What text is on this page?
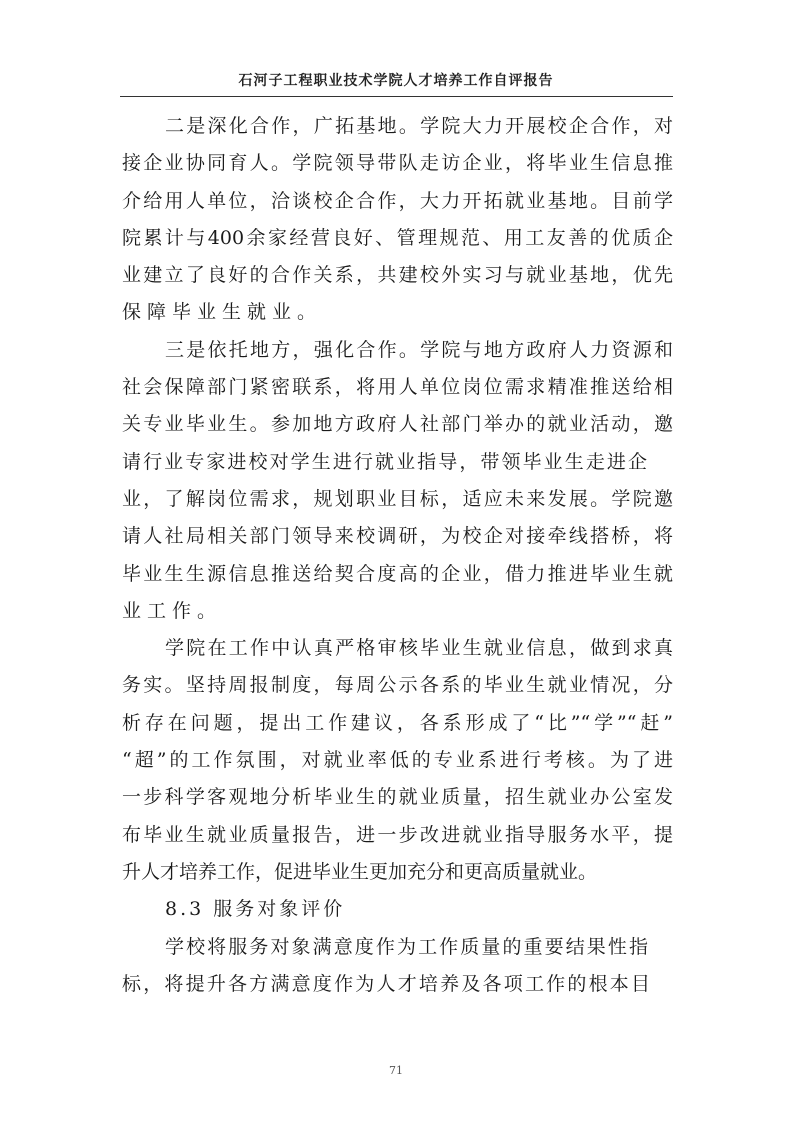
石河子工程职业技术学院人才培养工作自评报告
二是深化合作，广拓基地。学院大力开展校企合作，对
接企业协同育人。学院领导带队走访企业，将毕业生信息推
介给用人单位，洽谈校企合作，大力开拓就业基地。目前学
院累计与400余家经营良好、管理规范、用工友善的优质企
业建立了良好的合作关系，共建校外实习与就业基地，优先
保障毕业生就业。
三是依托地方，强化合作。学院与地方政府人力资源和
社会保障部门紧密联系，将用人单位岗位需求精准推送给相
关专业毕业生。参加地方政府人社部门举办的就业活动，邀
请行业专家进校对学生进行就业指导，带领毕业生走进企
业，了解岗位需求，规划职业目标，适应未来发展。学院邀
请人社局相关部门领导来校调研，为校企对接牵线搭桥，将
毕业生生源信息推送给契合度高的企业，借力推进毕业生就
业工作。
学院在工作中认真严格审核毕业生就业信息，做到求真
务实。坚持周报制度，每周公示各系的毕业生就业情况，分
析存在问题，提出工作建议，各系形成了“比”“学”“赶”
“超”的工作氛围，对就业率低的专业系进行考核。为了进
一步科学客观地分析毕业生的就业质量，招生就业办公室发
布毕业生就业质量报告，进一步改进就业指导服务水平，提
升人才培养工作，促进毕业生更加充分和更高质量就业。
8.3 服务对象评价
学校将服务对象满意度作为工作质量的重要结果性指
标，将提升各方满意度作为人才培养及各项工作的根本目
71
